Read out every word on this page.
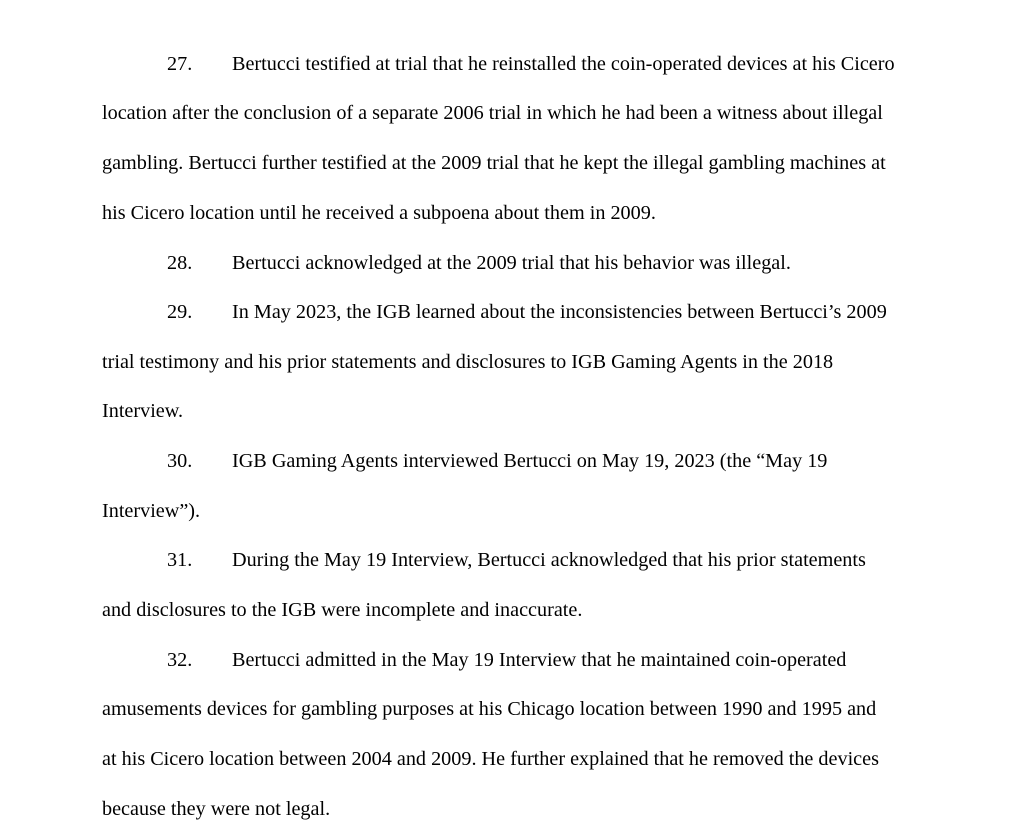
27. Bertucci testified at trial that he reinstalled the coin-operated devices at his Cicero
location after the conclusion of a separate 2006 trial in which he had been a witness about illegal
gambling. Bertucci further testified at the 2009 trial that he kept the illegal gambling machines at
his Cicero location until he received a subpoena about them in 2009.
28. Bertucci acknowledged at the 2009 trial that his behavior was illegal.
29. In May 2023, the IGB learned about the inconsistencies between Bertucci’s 2009
trial testimony and his prior statements and disclosures to IGB Gaming Agents in the 2018
Interview.
30. IGB Gaming Agents interviewed Bertucci on May 19, 2023 (the “May 19
Interview”).
31. During the May 19 Interview, Bertucci acknowledged that his prior statements
and disclosures to the IGB were incomplete and inaccurate.
32. Bertucci admitted in the May 19 Interview that he maintained coin-operated
amusements devices for gambling purposes at his Chicago location between 1990 and 1995 and
at his Cicero location between 2004 and 2009. He further explained that he removed the devices
because they were not legal.
